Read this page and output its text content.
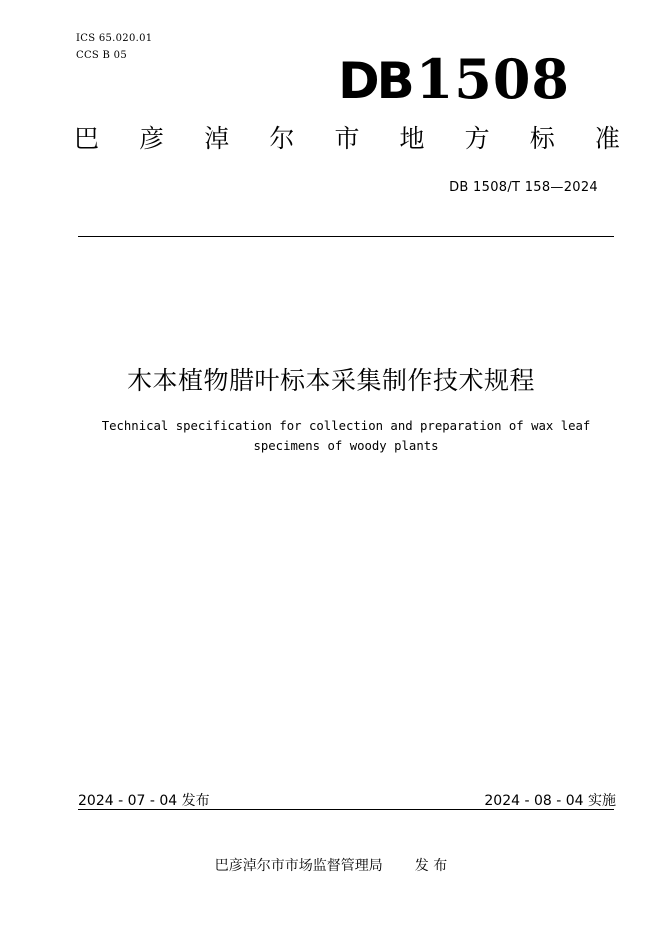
ICS 65.020.01
CCS B 05	DB1508
巴 彦 淖 尔 市 地 方 标 准
DB 1508/T 158—2024
木本植物腊叶标本采集制作技术规程
Technical specification for collection and preparation of wax leaf
specimens of woody plants
2024 - 07 - 04 发布	2024 - 08 - 04 实施
巴彦淖尔市市场监督管理局 发 布
